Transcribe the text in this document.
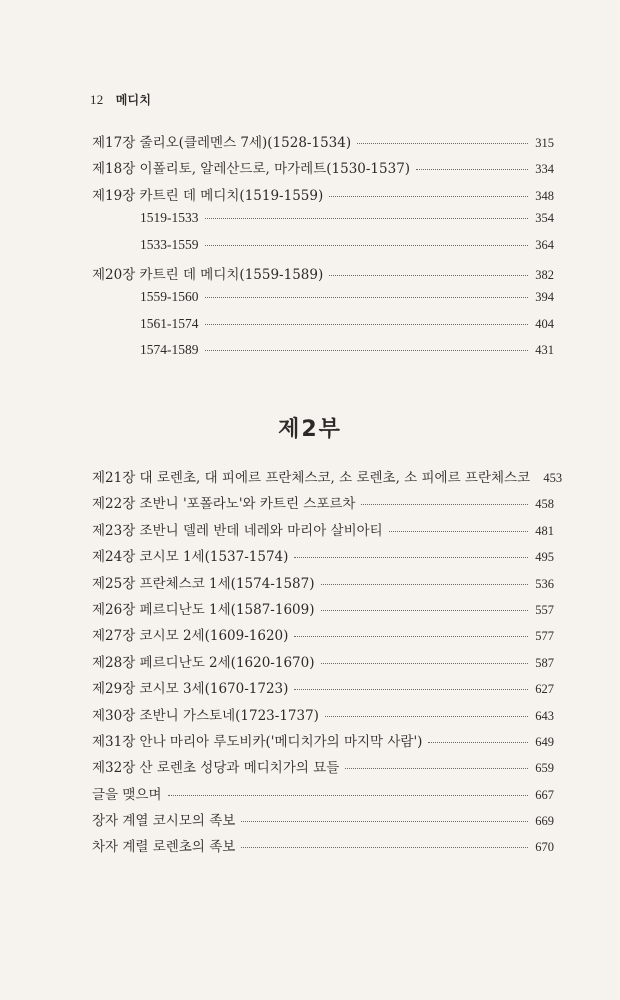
12 메디치
제17장 줄리오(클레멘스 7세)(1528-1534)	315
제18장 이폴리토, 알레산드로, 마가레트(1530-1537)	334
제19장 카트린 데 메디치(1519-1559)	348
1519-1533	354
1533-1559	364
제20장 카트린 데 메디치(1559-1589)	382
1559-1560	394
1561-1574	404
1574-1589	431
제2부
제21장 대 로렌초, 대 피에르 프란체스코, 소 로렌초, 소 피에르 프란체스코 453
제22장 조반니 '포폴라노'와 카트린 스포르차	458
제23장 조반니 델레 반데 네레와 마리아 살비아티	481
제24장 코시모 1세(1537-1574)	495
제25장 프란체스코 1세(1574-1587)	536
제26장 페르디난도 1세(1587-1609)	557
제27장 코시모 2세(1609-1620)	577
제28장 페르디난도 2세(1620-1670)	587
제29장 코시모 3세(1670-1723)	627
제30장 조반니 가스토네(1723-1737)	643
제31장 안나 마리아 루도비카('메디치가의 마지막 사람')	649
제32장 산 로렌초 성당과 메디치가의 묘들	659
글을 맺으며	667
장자 계열 코시모의 족보	669
차자 계렬 로렌초의 족보	670
